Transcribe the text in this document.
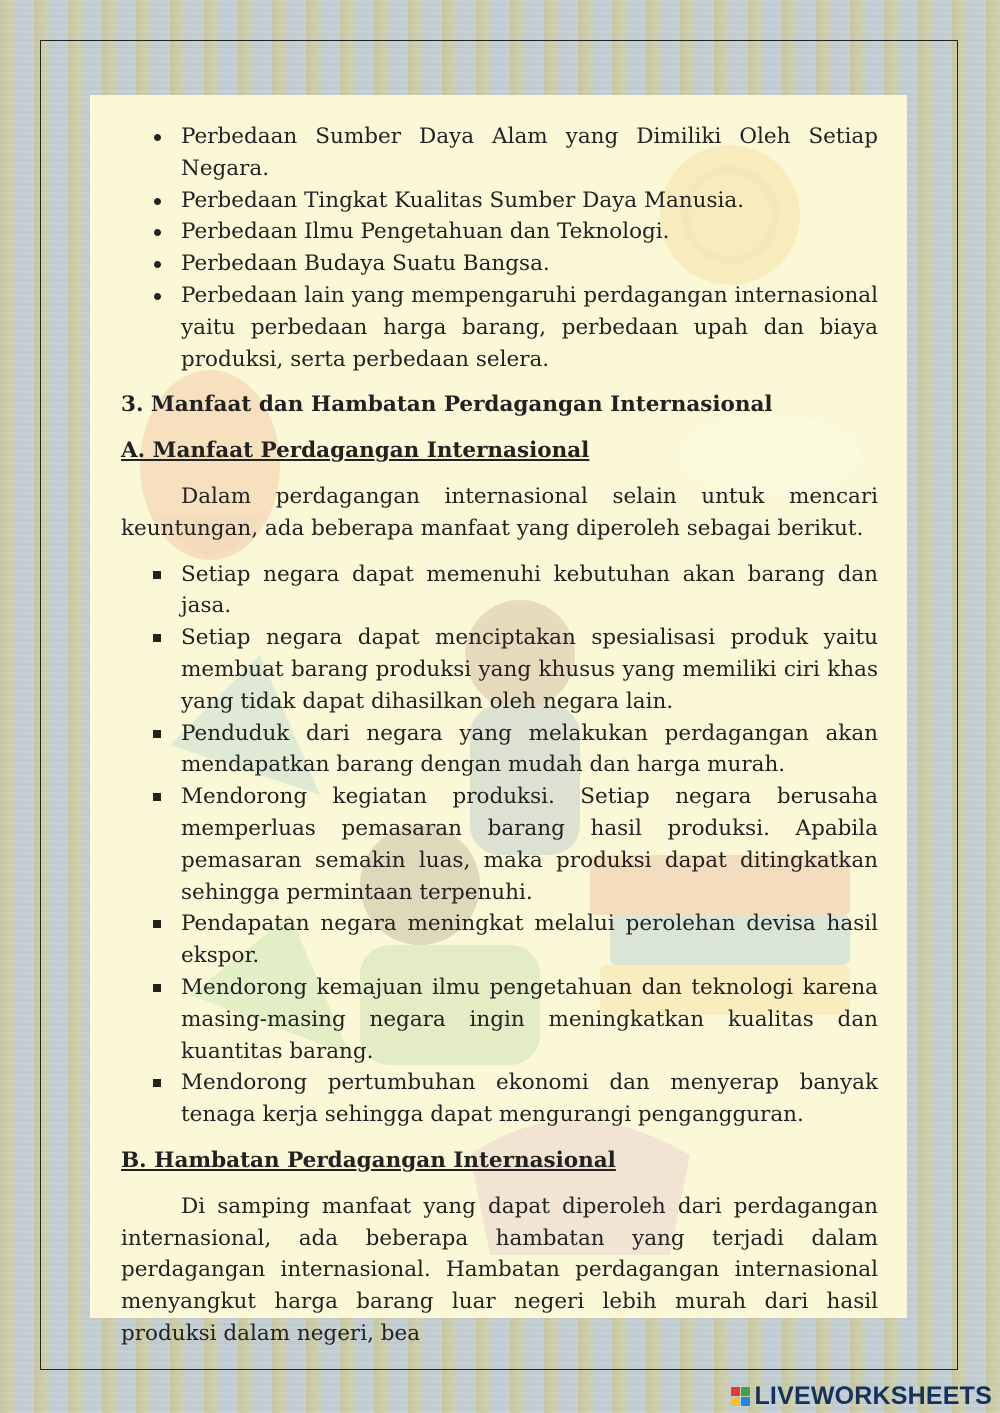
Perbedaan Sumber Daya Alam yang Dimiliki Oleh Setiap Negara.
Perbedaan Tingkat Kualitas Sumber Daya Manusia.
Perbedaan Ilmu Pengetahuan dan Teknologi.
Perbedaan Budaya Suatu Bangsa.
Perbedaan lain yang mempengaruhi perdagangan internasional yaitu perbedaan harga barang, perbedaan upah dan biaya produksi, serta perbedaan selera.

3. Manfaat dan Hambatan Perdagangan Internasional

A. Manfaat Perdagangan Internasional

Dalam perdagangan internasional selain untuk mencari keuntungan, ada beberapa manfaat yang diperoleh sebagai berikut.

Setiap negara dapat memenuhi kebutuhan akan barang dan jasa.
Setiap negara dapat menciptakan spesialisasi produk yaitu membuat barang produksi yang khusus yang memiliki ciri khas yang tidak dapat dihasilkan oleh negara lain.
Penduduk dari negara yang melakukan perdagangan akan mendapatkan barang dengan mudah dan harga murah.
Mendorong kegiatan produksi. Setiap negara berusaha memperluas pemasaran barang hasil produksi. Apabila pemasaran semakin luas, maka produksi dapat ditingkatkan sehingga permintaan terpenuhi.
Pendapatan negara meningkat melalui perolehan devisa hasil ekspor.
Mendorong kemajuan ilmu pengetahuan dan teknologi karena masing-masing negara ingin meningkatkan kualitas dan kuantitas barang.
Mendorong pertumbuhan ekonomi dan menyerap banyak tenaga kerja sehingga dapat mengurangi pengangguran.

B. Hambatan Perdagangan Internasional

Di samping manfaat yang dapat diperoleh dari perdagangan internasional, ada beberapa hambatan yang terjadi dalam perdagangan internasional. Hambatan perdagangan internasional menyangkut harga barang luar negeri lebih murah dari hasil produksi dalam negeri, bea

LIVEWORKSHEETS
